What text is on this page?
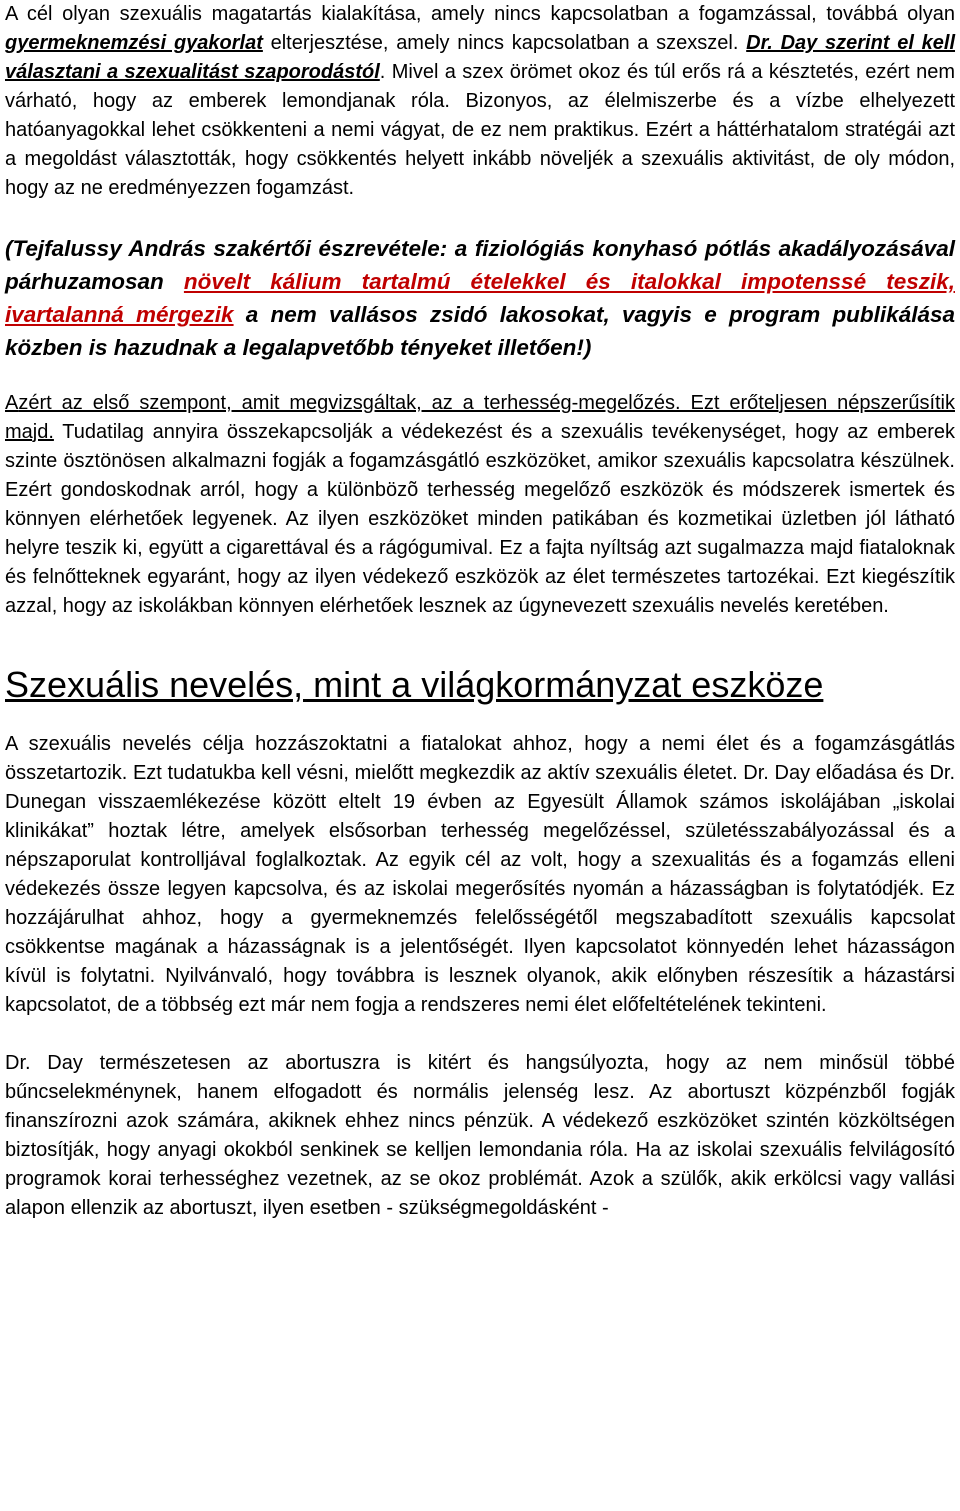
A cél olyan szexuális magatartás kialakítása, amely nincs kapcsolatban a fogamzással, továbbá olyan gyermeknemzési gyakorlat elterjesztése, amely nincs kapcsolatban a szexszel. Dr. Day szerint el kell választani a szexualitást szaporodástól. Mivel a szex örömet okoz és túl erős rá a késztetés, ezért nem várható, hogy az emberek lemondjanak róla. Bizonyos, az élelmiszerbe és a vízbe elhelyezett hatóanyagokkal lehet csökkenteni a nemi vágyat, de ez nem praktikus. Ezért a háttérhatalom stratégái azt a megoldást választották, hogy csökkentés helyett inkább növeljék a szexuális aktivitást, de oly módon, hogy az ne eredményezzen fogamzást.

(Tejfalussy András szakértői észrevétele: a fiziológiás konyhasó pótlás akadályozásával párhuzamosan növelt kálium tartalmú ételekkel és italokkal impotenssé teszik, ivartalanná mérgezik a nem vallásos zsidó lakosokat, vagyis e program publikálása közben is hazudnak a legalapvetőbb tényeket illetően!)

Azért az első szempont, amit megvizsgáltak, az a terhesség-megelőzés. Ezt erőteljesen népszerűsítik majd. Tudatilag annyira összekapcsolják a védekezést és a szexuális tevékenységet, hogy az emberek szinte ösztönösen alkalmazni fogják a fogamzásgátló eszközöket, amikor szexuális kapcsolatra készülnek. Ezért gondoskodnak arról, hogy a különbözõ terhesség megelőző eszközök és módszerek ismertek és könnyen elérhetőek legyenek. Az ilyen eszközöket minden patikában és kozmetikai üzletben jól látható helyre teszik ki, együtt a cigarettával és a rágógumival. Ez a fajta nyíltság azt sugalmazza majd fiataloknak és felnőtteknek egyaránt, hogy az ilyen védekező eszközök az élet természetes tartozékai. Ezt kiegészítik azzal, hogy az iskolákban könnyen elérhetőek lesznek az úgynevezett szexuális nevelés keretében.

Szexuális nevelés, mint a világkormányzat eszköze

A szexuális nevelés célja hozzászoktatni a fiatalokat ahhoz, hogy a nemi élet és a fogamzásgátlás összetartozik. Ezt tudatukba kell vésni, mielőtt megkezdik az aktív szexuális életet. Dr. Day előadása és Dr. Dunegan visszaemlékezése között eltelt 19 évben az Egyesült Államok számos iskolájában „iskolai klinikákat” hoztak létre, amelyek elsősorban terhesség megelőzéssel, születésszabályozással és a népszaporulat kontrolljával foglalkoztak. Az egyik cél az volt, hogy a szexualitás és a fogamzás elleni védekezés össze legyen kapcsolva, és az iskolai megerősítés nyomán a házasságban is folytatódjék. Ez hozzájárulhat ahhoz, hogy a gyermeknemzés felelősségétől megszabadított szexuális kapcsolat csökkentse magának a házasságnak is a jelentőségét. Ilyen kapcsolatot könnyedén lehet házasságon kívül is folytatni. Nyilvánvaló, hogy továbbra is lesznek olyanok, akik előnyben részesítik a házastársi kapcsolatot, de a többség ezt már nem fogja a rendszeres nemi élet előfeltételének tekinteni.

Dr. Day természetesen az abortuszra is kitért és hangsúlyozta, hogy az nem minősül többé bűncselekménynek, hanem elfogadott és normális jelenség lesz. Az abortuszt közpénzből fogják finanszírozni azok számára, akiknek ehhez nincs pénzük. A védekező eszközöket szintén közköltségen biztosítják, hogy anyagi okokból senkinek se kelljen lemondania róla. Ha az iskolai szexuális felvilágosító programok korai terhességhez vezetnek, az se okoz problémát. Azok a szülők, akik erkölcsi vagy vallási alapon ellenzik az abortuszt, ilyen esetben - szükségmegoldásként -
